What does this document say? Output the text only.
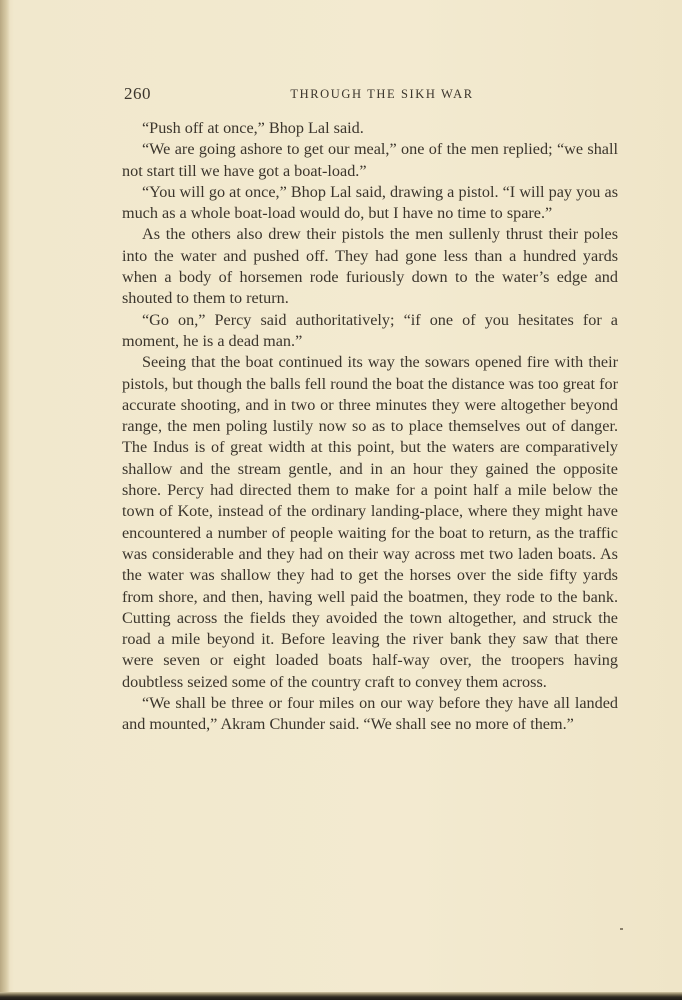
260	THROUGH THE SIKH WAR

“Push off at once,” Bhop Lal said.

“We are going ashore to get our meal,” one of the men replied; “we shall not start till we have got a boat-load.”

“You will go at once,” Bhop Lal said, drawing a pistol. “I will pay you as much as a whole boat-load would do, but I have no time to spare.”

As the others also drew their pistols the men sullenly thrust their poles into the water and pushed off. They had gone less than a hundred yards when a body of horsemen rode furiously down to the water’s edge and shouted to them to return.

“Go on,” Percy said authoritatively; “if one of you hesitates for a moment, he is a dead man.”

Seeing that the boat continued its way the sowars opened fire with their pistols, but though the balls fell round the boat the distance was too great for accurate shooting, and in two or three minutes they were altogether beyond range, the men poling lustily now so as to place themselves out of danger. The Indus is of great width at this point, but the waters are comparatively shallow and the stream gentle, and in an hour they gained the opposite shore. Percy had directed them to make for a point half a mile below the town of Kote, instead of the ordinary landing-place, where they might have encountered a number of people waiting for the boat to return, as the traffic was considerable and they had on their way across met two laden boats. As the water was shallow they had to get the horses over the side fifty yards from shore, and then, having well paid the boatmen, they rode to the bank. Cutting across the fields they avoided the town altogether, and struck the road a mile beyond it. Before leaving the river bank they saw that there were seven or eight loaded boats half-way over, the troopers having doubtless seized some of the country craft to convey them across.

“We shall be three or four miles on our way before they have all landed and mounted,” Akram Chunder said. “We shall see no more of them.”
